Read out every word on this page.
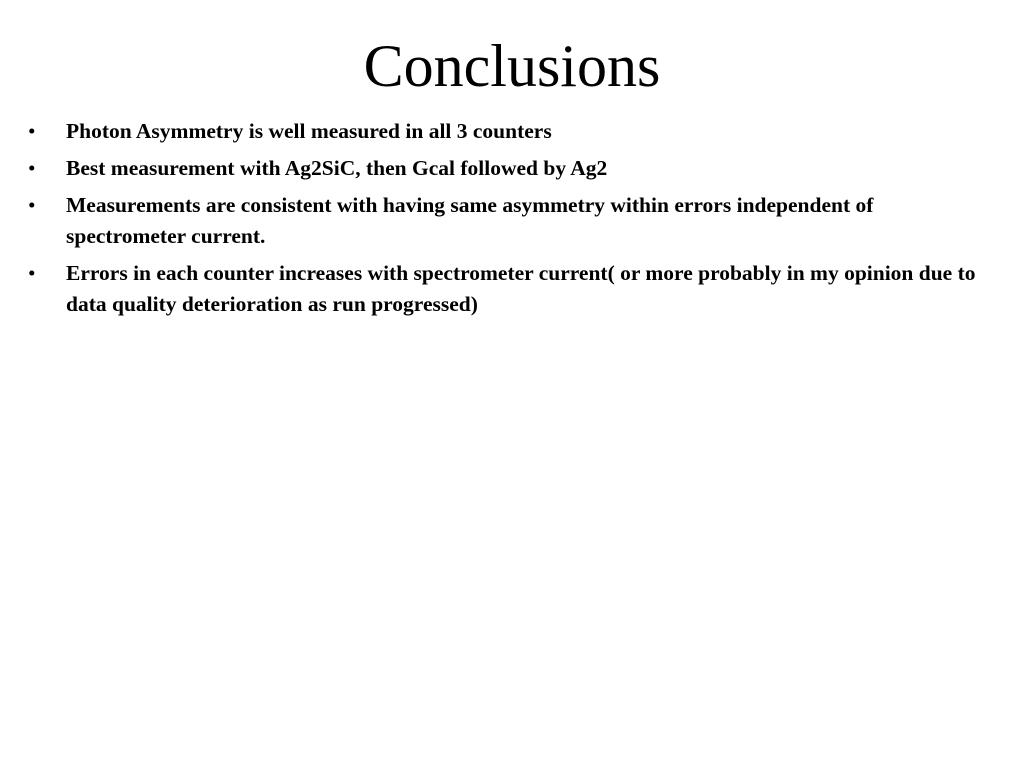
Conclusions
• Photon Asymmetry is well measured in all 3 counters
• Best measurement with Ag2SiC, then Gcal followed by Ag2
• Measurements are consistent with having same asymmetry within errors independent of spectrometer current.
• Errors in each counter increases with spectrometer current( or more probably in my opinion due to data quality deterioration as run progressed)
